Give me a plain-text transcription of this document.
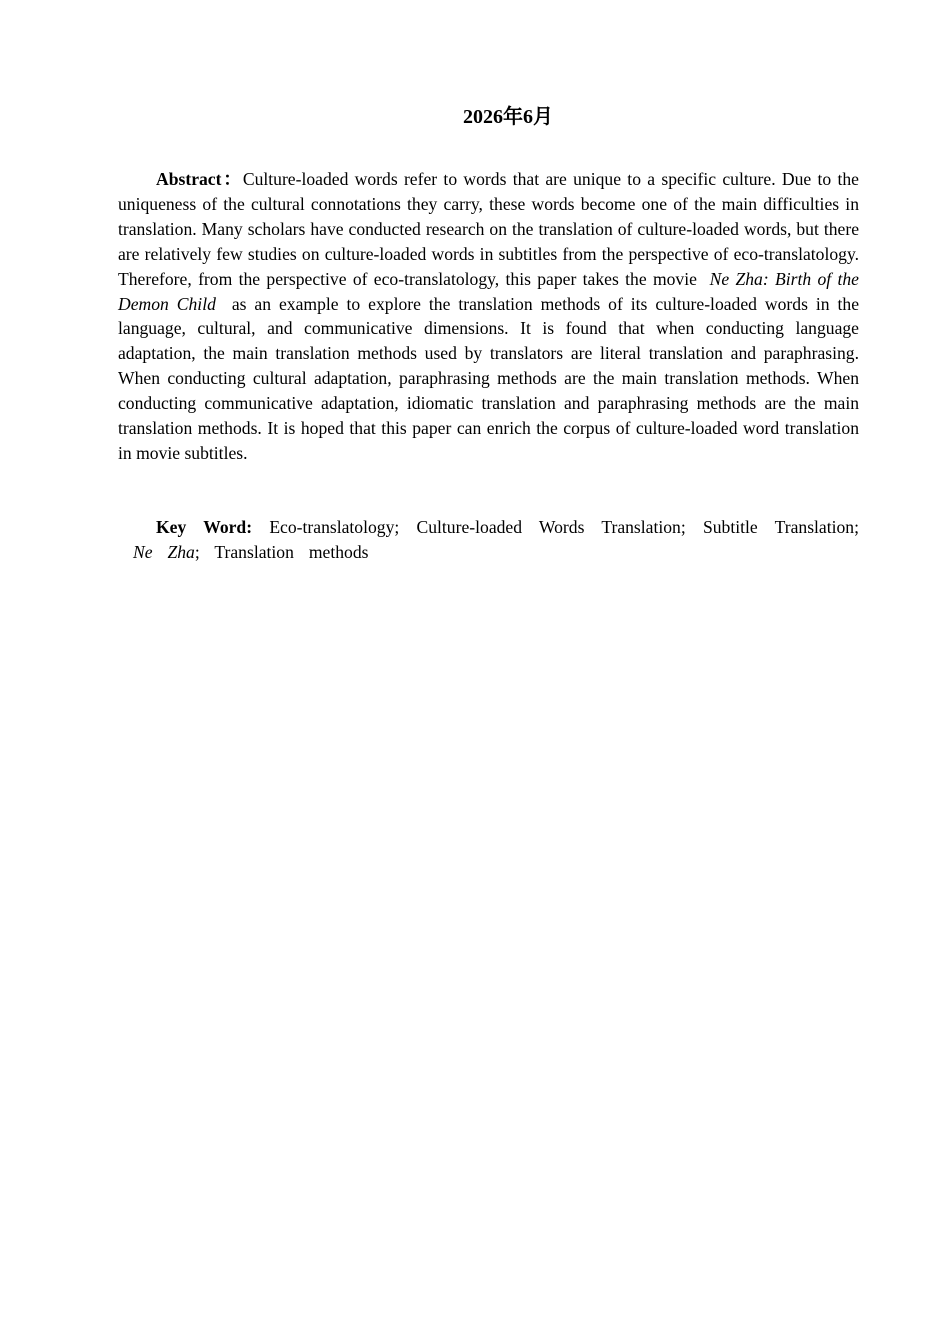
2026年6月

Abstract：Culture-loaded words refer to words that are unique to a specific culture. Due to the uniqueness of the cultural connotations they carry, these words become one of the main difficulties in translation. Many scholars have conducted research on the translation of culture-loaded words, but there are relatively few studies on culture-loaded words in subtitles from the perspective of eco-translatology. Therefore, from the perspective of eco-translatology, this paper takes the movie Ne Zha: Birth of the Demon Child as an example to explore the translation methods of its culture-loaded words in the language, cultural, and communicative dimensions. It is found that when conducting language adaptation, the main translation methods used by translators are literal translation and paraphrasing. When conducting cultural adaptation, paraphrasing methods are the main translation methods. When conducting communicative adaptation, idiomatic translation and paraphrasing methods are the main translation methods. It is hoped that this paper can enrich the corpus of culture-loaded word translation in movie subtitles.

Key Word: Eco-translatology; Culture-loaded Words Translation; Subtitle Translation;  Ne Zha; Translation methods
